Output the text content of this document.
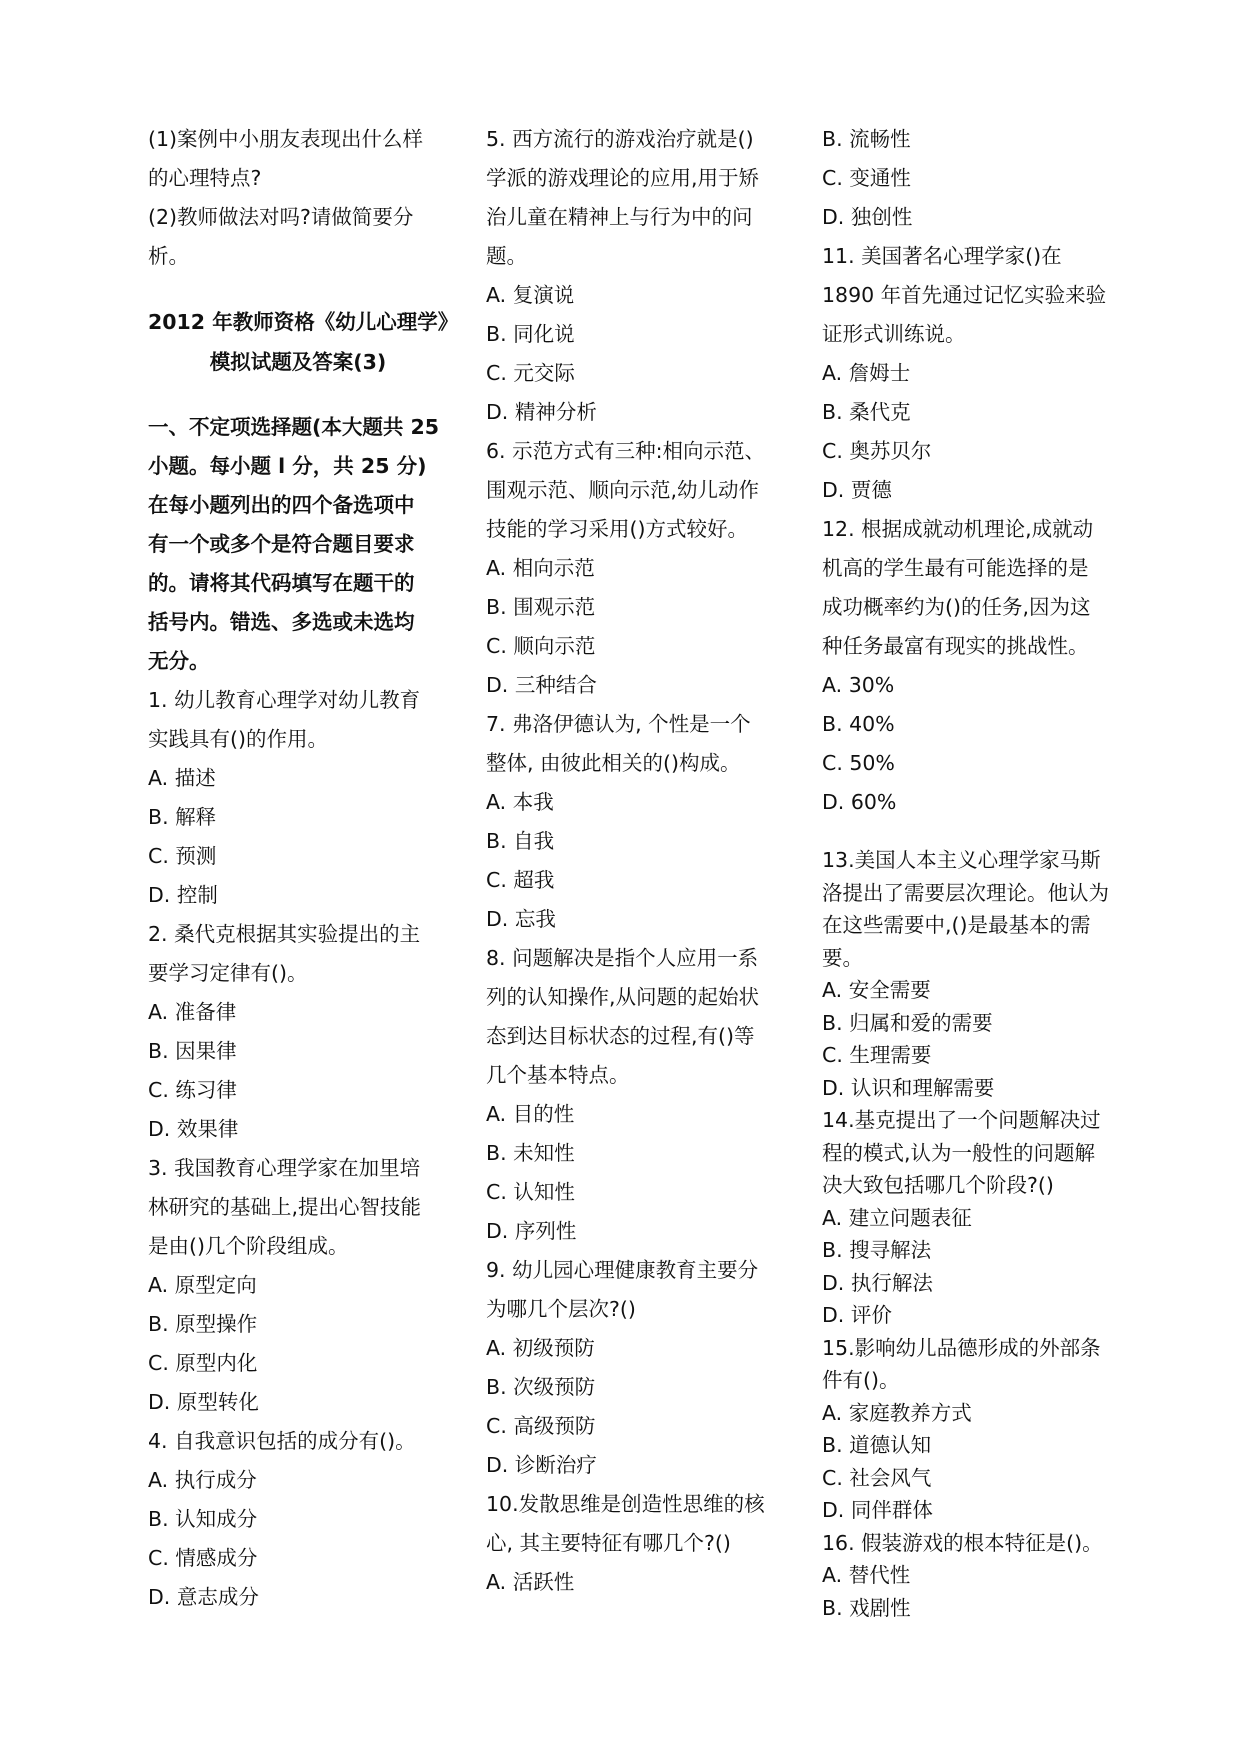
(1)案例中小朋友表现出什么样

的心理特点?

(2)教师做法对吗?请做简要分

析。

2012 年教师资格《幼儿心理学》

模拟试题及答案(3)

一、不定项选择题(本大题共 25

小题。每小题 l 分，共 25 分)

在每小题列出的四个备选项中

有一个或多个是符合题目要求

的。请将其代码填写在题干的

括号内。错选、多选或未选均

无分。

1. 幼儿教育心理学对幼儿教育

实践具有()的作用。

A. 描述

B. 解释

C. 预测

D. 控制

2. 桑代克根据其实验提出的主

要学习定律有()。

A. 准备律

B. 因果律

C. 练习律

D. 效果律

3. 我国教育心理学家在加里培

林研究的基础上,提出心智技能

是由()几个阶段组成。

A. 原型定向

B. 原型操作

C. 原型内化

D. 原型转化

4. 自我意识包括的成分有()。

A. 执行成分

B. 认知成分

C. 情感成分

D. 意志成分

5. 西方流行的游戏治疗就是()

学派的游戏理论的应用,用于矫

治儿童在精神上与行为中的问

题。

A. 复演说

B. 同化说

C. 元交际

D. 精神分析

6. 示范方式有三种:相向示范、

围观示范、顺向示范,幼儿动作

技能的学习采用()方式较好。

A. 相向示范

B. 围观示范

C. 顺向示范

D. 三种结合

7. 弗洛伊德认为, 个性是一个

整体, 由彼此相关的()构成。

A. 本我

B. 自我

C. 超我

D. 忘我

8. 问题解决是指个人应用一系

列的认知操作,从问题的起始状

态到达目标状态的过程,有()等

几个基本特点。

A. 目的性

B. 未知性

C. 认知性

D. 序列性

9. 幼儿园心理健康教育主要分

为哪几个层次?()

A. 初级预防

B. 次级预防

C. 高级预防

D. 诊断治疗

10.发散思维是创造性思维的核

心, 其主要特征有哪几个?()

A. 活跃性

B. 流畅性

C. 变通性

D. 独创性

11. 美国著名心理学家()在

1890 年首先通过记忆实验来验

证形式训练说。

A. 詹姆士

B. 桑代克

C. 奥苏贝尔

D. 贾德

12. 根据成就动机理论,成就动

机高的学生最有可能选择的是

成功概率约为()的任务,因为这

种任务最富有现实的挑战性。

A. 30%

B. 40%

C. 50%

D. 60%

13.美国人本主义心理学家马斯

洛提出了需要层次理论。他认为

在这些需要中,()是最基本的需

要。

A. 安全需要

B. 归属和爱的需要

C. 生理需要

D. 认识和理解需要

14.基克提出了一个问题解决过

程的模式,认为一般性的问题解

决大致包括哪几个阶段?()

A. 建立问题表征

B. 搜寻解法

D. 执行解法

D. 评价

15.影响幼儿品德形成的外部条

件有()。

A. 家庭教养方式

B. 道德认知

C. 社会风气

D. 同伴群体

16. 假装游戏的根本特征是()。

A. 替代性

B. 戏剧性
